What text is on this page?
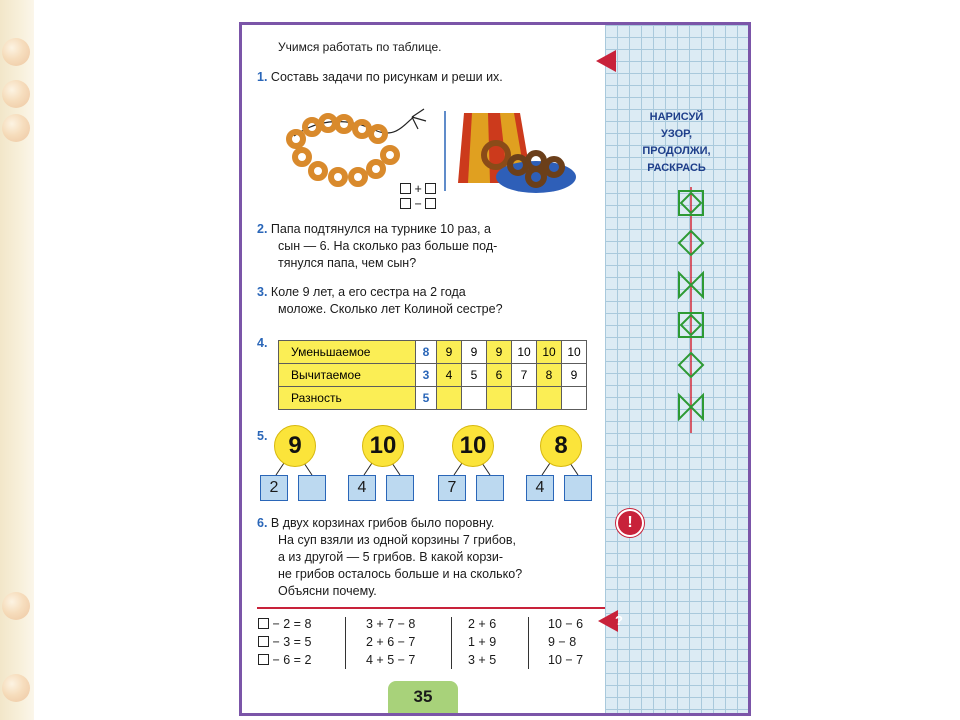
Учимся работать по таблице.
1. Составь задачи по рисункам и реши их.
+
−
2. Папа подтянулся на турнике 10 раз, а
сын — 6. На сколько раз больше под-
тянулся папа, чем сын?
3. Коле 9 лет, а его сестра на 2 года
моложе. Сколько лет Колиной сестре?
4.
Уменьшаемое	8	9	9	9	10	10	10
Вычитаемое	3	4	5	6	7	8	9
Разность	5						
5. 9
2
10
4
10
7
8
4
6. В двух корзинах грибов было поровну.
На суп взяли из одной корзины 7 грибов,
а из другой — 5 грибов. В какой корзи-
не грибов осталось больше и на сколько?
Объясни почему.
− 2 = 8
− 3 = 5
− 6 = 2
3 + 7 − 8
2 + 6 − 7
4 + 5 − 7
2 + 6
1 + 9
3 + 5
10 − 6
9 − 8
10 − 7
35
НАРИСУЙ
УЗОР,
ПРОДОЛЖИ,
РАСКРАСЬ
!
?
